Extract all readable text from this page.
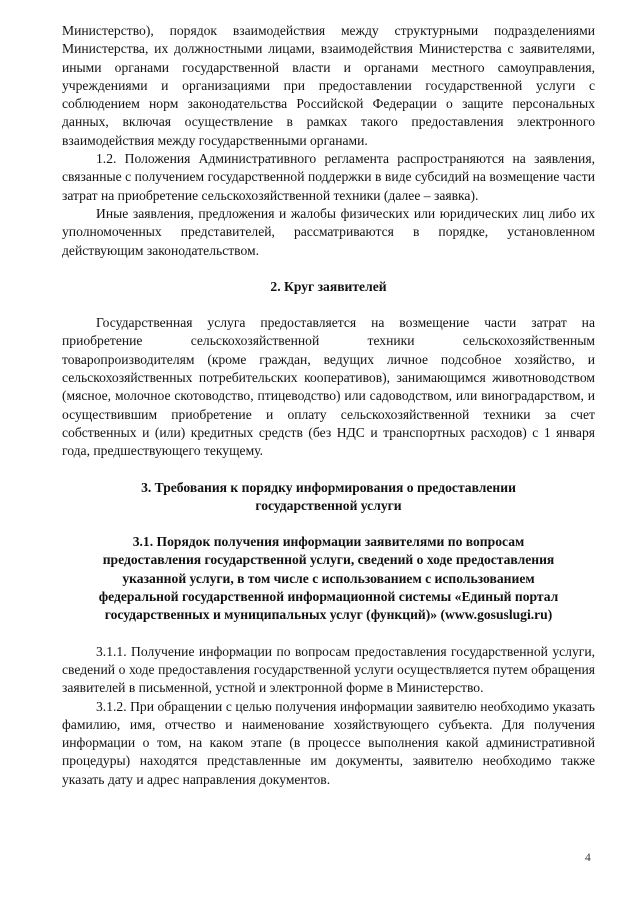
Министерство), порядок взаимодействия между структурными подразделениями Министерства, их должностными лицами, взаимодействия Министерства с заявителями, иными органами государственной власти и органами местного самоуправления, учреждениями и организациями при предоставлении государственной услуги с соблюдением норм законодательства Российской Федерации о защите персональных данных, включая осуществление в рамках такого предоставления электронного взаимодействия между государственными органами.

1.2. Положения Административного регламента распространяются на заявления, связанные с получением государственной поддержки в виде субсидий на возмещение части затрат на приобретение сельскохозяйственной техники (далее – заявка).

Иные заявления, предложения и жалобы физических или юридических лиц либо их уполномоченных представителей, рассматриваются в порядке, установленном действующим законодательством.

2. Круг заявителей

Государственная услуга предоставляется на возмещение части затрат на приобретение сельскохозяйственной техники сельскохозяйственным товаропроизводителям (кроме граждан, ведущих личное подсобное хозяйство, и сельскохозяйственных потребительских кооперативов), занимающимся животноводством (мясное, молочное скотоводство, птицеводство) или садоводством, или виноградарством, и осуществившим приобретение и оплату сельскохозяйственной техники за счет собственных и (или) кредитных средств (без НДС и транспортных расходов) с 1 января года, предшествующего текущему.

3. Требования к порядку информирования о предоставлении государственной услуги

3.1. Порядок получения информации заявителями по вопросам предоставления государственной услуги, сведений о ходе предоставления указанной услуги, в том числе с использованием с использованием федеральной государственной информационной системы «Единый портал государственных и муниципальных услуг (функций)» (www.gosuslugi.ru)

3.1.1. Получение информации по вопросам предоставления государственной услуги, сведений о ходе предоставления государственной услуги осуществляется путем обращения заявителей в письменной, устной и электронной форме в Министерство.

3.1.2. При обращении с целью получения информации заявителю необходимо указать фамилию, имя, отчество и наименование хозяйствующего субъекта. Для получения информации о том, на каком этапе (в процессе выполнения какой административной процедуры) находятся представленные им документы, заявителю необходимо также указать дату и адрес направления документов.

4
